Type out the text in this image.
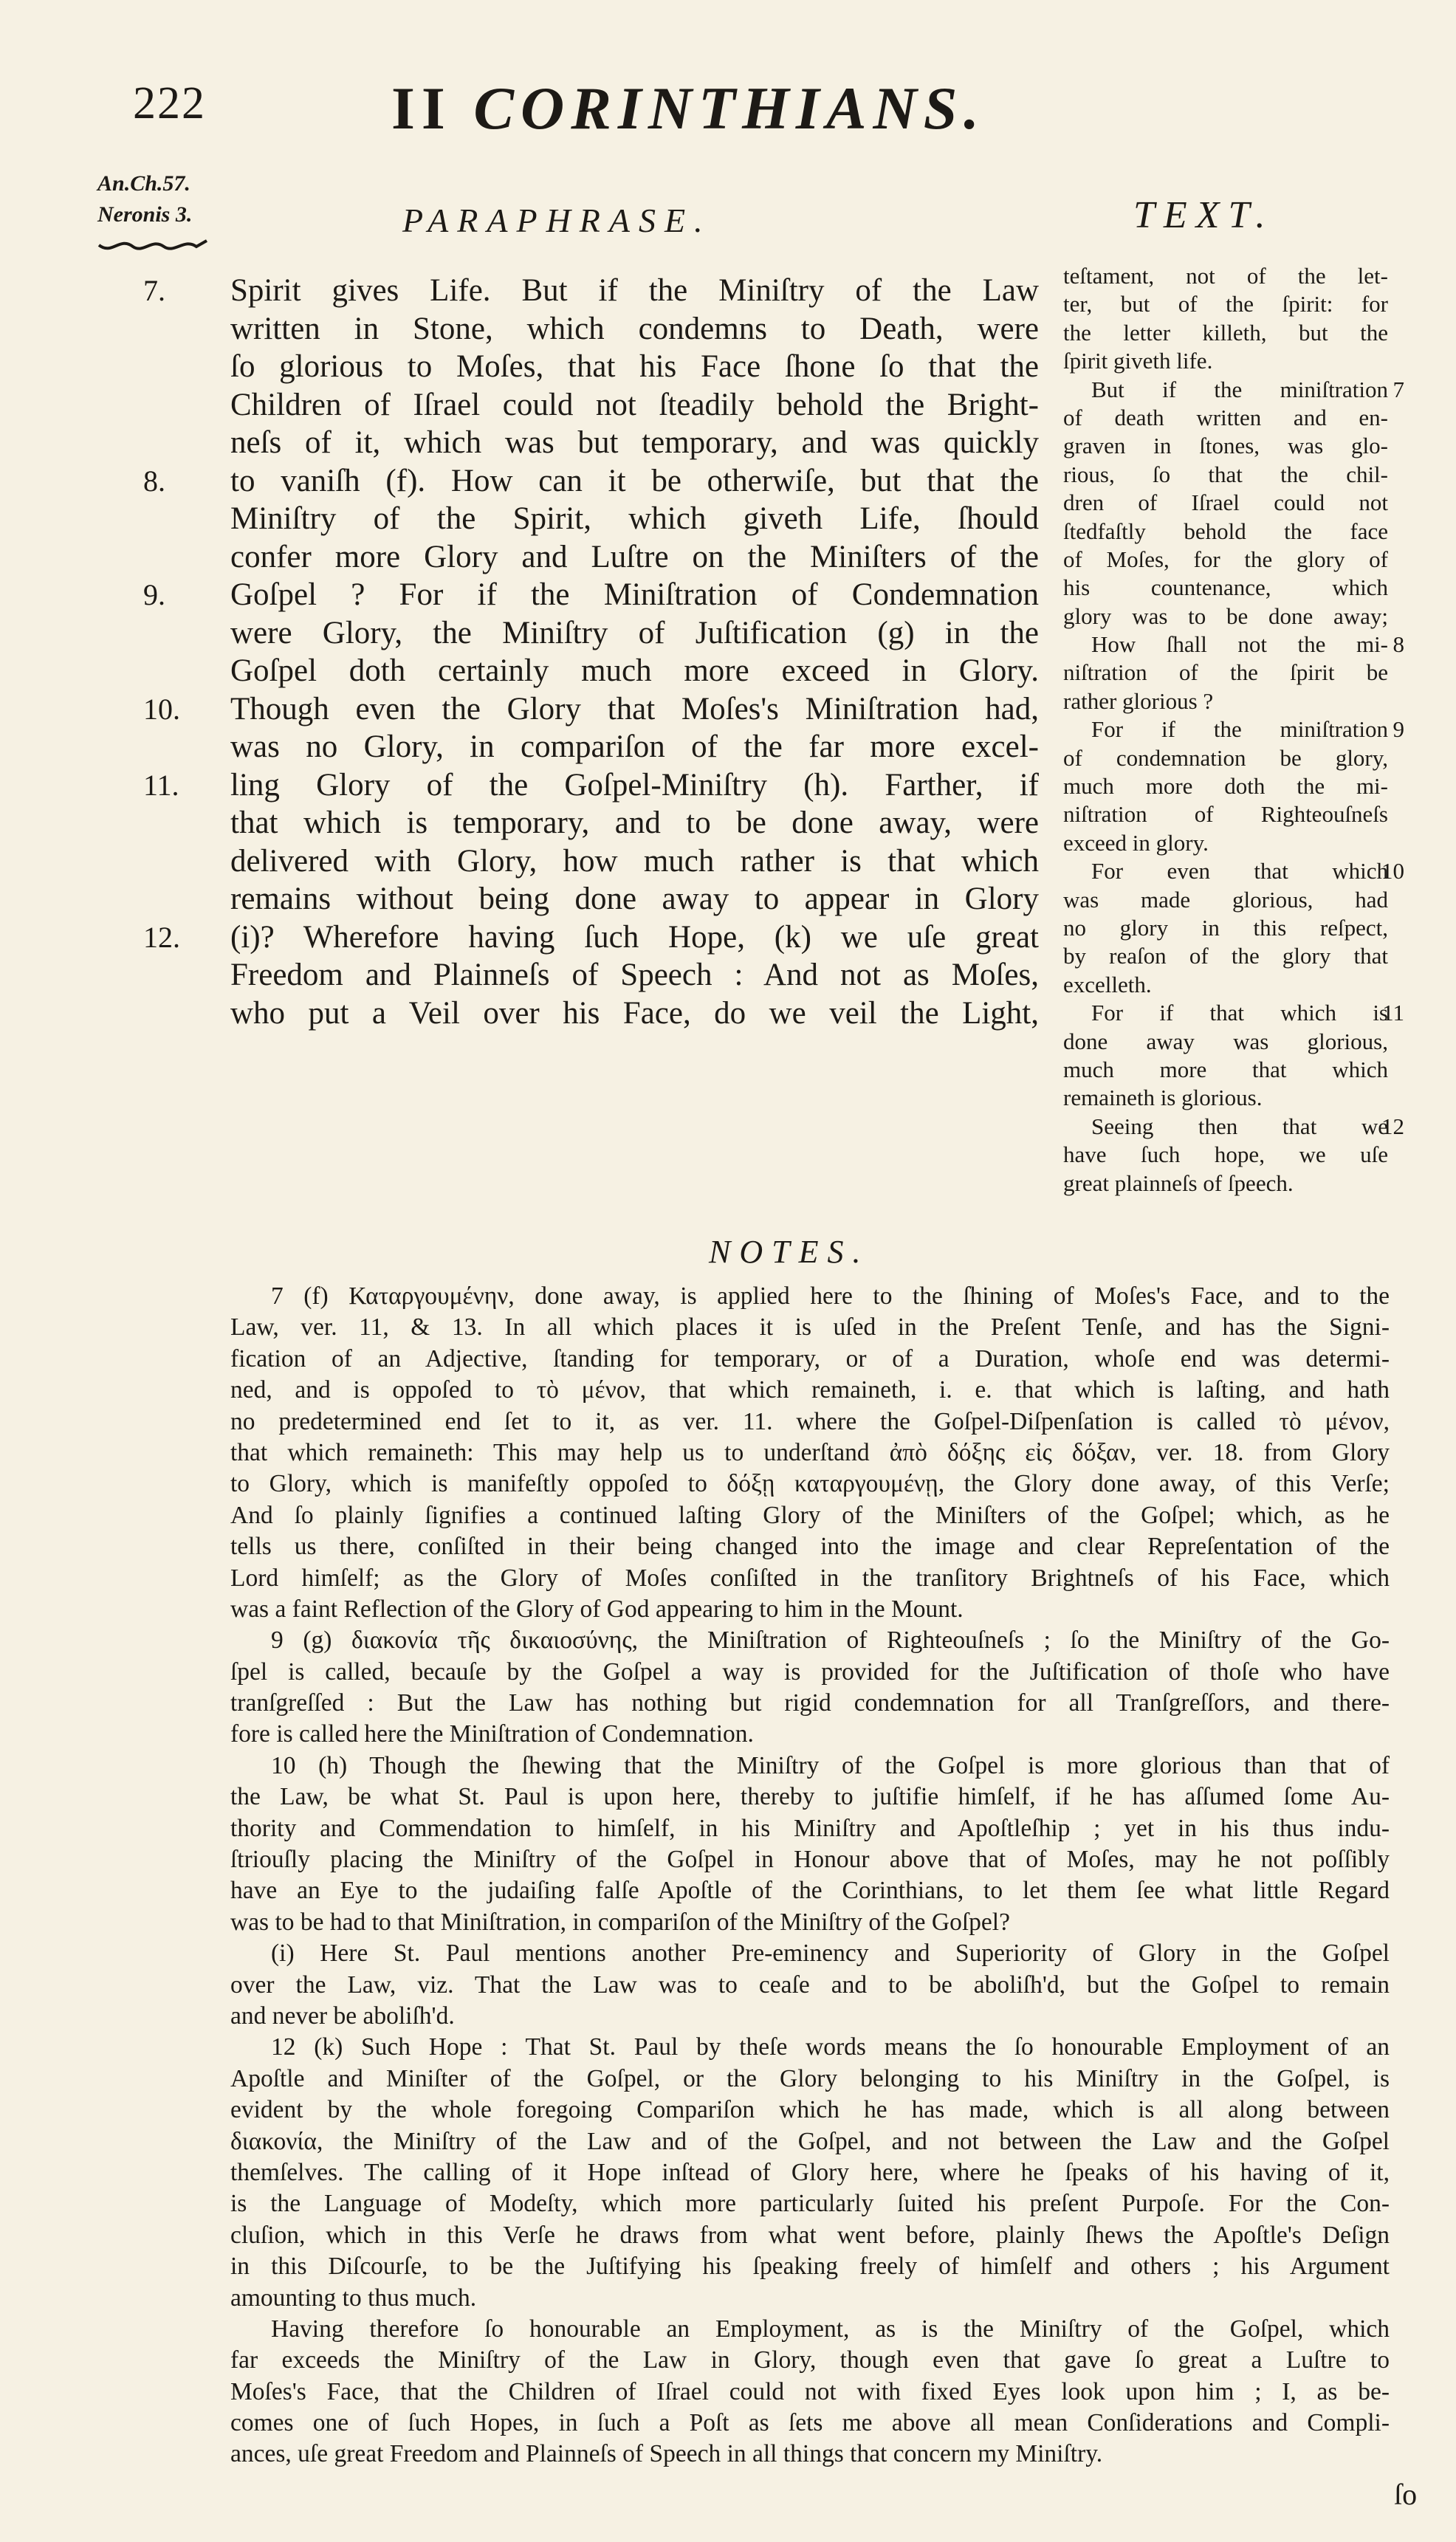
222	II CORINTHIANS.
An.Ch.57.
Neronis 3.	PARAPHRASE.	TEXT.
7. Spirit gives Life. But if the Miniſtry of the Law
written in Stone, which condemns to Death, were
ſo glorious to Moſes, that his Face ſhone ſo that the
Children of Iſrael could not ſteadily behold the Bright-
neſs of it, which was but temporary, and was quickly
8. to vaniſh (f). How can it be otherwiſe, but that the
Miniſtry of the Spirit, which giveth Life, ſhould
confer more Glory and Luſtre on the Miniſters of the
9. Goſpel ? For if the Miniſtration of Condemnation
were Glory, the Miniſtry of Juſtification (g) in the
Goſpel doth certainly much more exceed in Glory.
10. Though even the Glory that Moſes's Miniſtration had,
was no Glory, in compariſon of the far more excel-
11. ling Glory of the Goſpel-Miniſtry (h). Farther, if
that which is temporary, and to be done away, were
delivered with Glory, how much rather is that which
remains without being done away to appear in Glory
12. (i)? Wherefore having ſuch Hope, (k) we uſe great
Freedom and Plainneſs of Speech : And not as Moſes,
who put a Veil over his Face, do we veil the Light,
teſtament, not of the let-
ter, but of the ſpirit: for
the letter killeth, but the
ſpirit giveth life.
But if the miniſtration 7
of death written and en-
graven in ſtones, was glo-
rious, ſo that the chil-
dren of Iſrael could not
ſtedfaſtly behold the face
of Moſes, for the glory of
his countenance, which
glory was to be done away;
How ſhall not the mi- 8
niſtration of the ſpirit be
rather glorious ?
For if the miniſtration 9
of condemnation be glory,
much more doth the mi-
niſtration of Righteouſneſs
exceed in glory.
For even that which
10
was made glorious, had
no glory in this reſpect,
by reaſon of the glory that
excelleth.
For if that which is
11
done away was glorious,
much more that which
remaineth is glorious.
Seeing then that we
12
have ſuch hope, we uſe
great plainneſs of ſpeech.
NOTES.
7 (f) Καταργουμένην, done away, is applied here to the ſhining of Moſes's Face, and to the
Law, ver. 11, & 13. In all which places it is uſed in the Preſent Tenſe, and has the Signi-
fication of an Adjective, ſtanding for temporary, or of a Duration, whoſe end was determi-
ned, and is oppoſed to τὸ μένον, that which remaineth, i. e. that which is laſting, and hath
no predetermined end ſet to it, as ver. 11. where the Goſpel-Diſpenſation is called τὸ μένον,
that which remaineth: This may help us to underſtand ἀπὸ δόξης εἰς δόξαν, ver. 18. from Glory
to Glory, which is manifeſtly oppoſed to δόξῃ καταργουμένῃ, the Glory done away, of this Verſe;
And ſo plainly ſignifies a continued laſting Glory of the Miniſters of the Goſpel; which, as he
tells us there, conſiſted in their being changed into the image and clear Repreſentation of the
Lord himſelf; as the Glory of Moſes conſiſted in the tranſitory Brightneſs of his Face, which
was a faint Reflection of the Glory of God appearing to him in the Mount.
9 (g) διακονία τῆς δικαιοσύνης, the Miniſtration of Righteouſneſs ; ſo the Miniſtry of the Go-
ſpel is called, becauſe by the Goſpel a way is provided for the Juſtification of thoſe who have
tranſgreſſed : But the Law has nothing but rigid condemnation for all Tranſgreſſors, and there-
fore is called here the Miniſtration of Condemnation.
10 (h) Though the ſhewing that the Miniſtry of the Goſpel is more glorious than that of
the Law, be what St. Paul is upon here, thereby to juſtifie himſelf, if he has aſſumed ſome Au-
thority and Commendation to himſelf, in his Miniſtry and Apoſtleſhip ; yet in his thus indu-
ſtriouſly placing the Miniſtry of the Goſpel in Honour above that of Moſes, may he not poſſibly
have an Eye to the judaiſing falſe Apoſtle of the Corinthians, to let them ſee what little Regard
was to be had to that Miniſtration, in compariſon of the Miniſtry of the Goſpel?
(i) Here St. Paul mentions another Pre-eminency and Superiority of Glory in the Goſpel
over the Law, viz. That the Law was to ceaſe and to be aboliſh'd, but the Goſpel to remain
and never be aboliſh'd.
12 (k) Such Hope : That St. Paul by theſe words means the ſo honourable Employment of an
Apoſtle and Miniſter of the Goſpel, or the Glory belonging to his Miniſtry in the Goſpel, is
evident by the whole foregoing Compariſon which he has made, which is all along between
διακονία, the Miniſtry of the Law and of the Goſpel, and not between the Law and the Goſpel
themſelves. The calling of it Hope inſtead of Glory here, where he ſpeaks of his having of it,
is the Language of Modeſty, which more particularly ſuited his preſent Purpoſe. For the Con-
cluſion, which in this Verſe he draws from what went before, plainly ſhews the Apoſtle's Deſign
in this Diſcourſe, to be the Juſtifying his ſpeaking freely of himſelf and others ; his Argument
amounting to thus much.
Having therefore ſo honourable an Employment, as is the Miniſtry of the Goſpel, which
far exceeds the Miniſtry of the Law in Glory, though even that gave ſo great a Luſtre to
Moſes's Face, that the Children of Iſrael could not with fixed Eyes look upon him ; I, as be-
comes one of ſuch Hopes, in ſuch a Poſt as ſets me above all mean Conſiderations and Compli-
ances, uſe great Freedom and Plainneſs of Speech in all things that concern my Miniſtry.
ſo
